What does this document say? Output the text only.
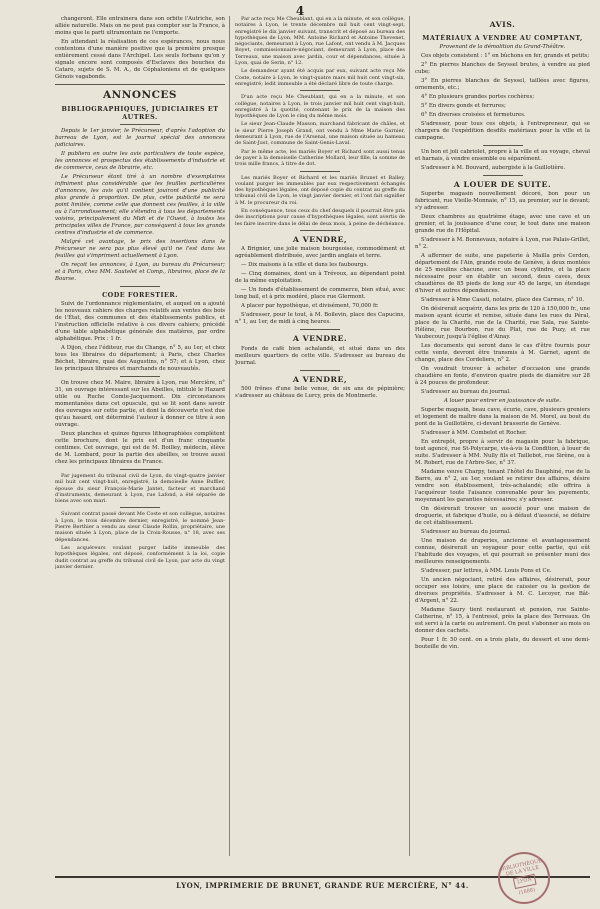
4

changeront. Elle entraînera dans son orbite l'Autriche, son alliée naturelle. Mais on ne peut pas compter sur la France, à moins que le parti ultramontain ne l'emporte.

En attendant la réalisation de ces espérances, nous nous contentons d'une manière positive que la première presque entièrement cessé dans l'Archipel. Les seuls forbans qu'on y signale encore sont composés d'Esclaves des bouches du Cataro, sujets de S. M. A., de Céphaloniens et de quelques Génois vagabonds.

ANNONCES
BIBLIOGRAPHIQUES, JUDICIAIRES ET AUTRES.

Depuis le 1er janvier, le Précurseur, d'après l'adoption du barreau de Lyon, est le journal spécial des annonces judiciaires.

Il publiera en outre les avis particuliers de toute espèce, les annonces et prospectus des établissements d'industrie et de commerce, ceux de librairie, etc.

Le Précurseur étant tiré à un nombre d'exemplaires infiniment plus considérable que les feuilles particulières d'annonces, les avis qu'il contient jouiront d'une publicité plus grande à proportion. De plus, cette publicité ne sera point limitée, comme celle que donnent ces feuilles, à la ville ou à l'arrondissement; elle s'étendra à tous les départements voisins, principalement du Midi et de l'Ouest, à toutes les principales villes de France, par conséquent à tous les grands centres d'industrie et de commerce.

Malgré cet avantage, le prix des insertions dans le Précurseur ne sera pas plus élevé qu'il ne l'est dans les feuilles qui s'impriment actuellement à Lyon.

On reçoit les annonces, à Lyon, au bureau du Précurseur; et à Paris, chez MM. Sautelet et Comp., libraires, place de la Bourse.

CODE FORESTIER.

Suivi de l'ordonnance réglementaire, et auquel on a ajouté les nouveaux cahiers des charges relatifs aux ventes des bois de l'État, des communes et des établissements publics, et l'instruction officielle relative à ces divers cahiers; précédé d'une table alphabétique générale des matières, par ordre alphabétique. Prix : 1 fr.

A Dijon, chez l'éditeur, rue du Change, n° 5, au 1er, et chez tous les libraires du département; à Paris, chez Charles Béchet, libraire, quai des Augustins, n° 57; et à Lyon, chez les principaux libraires et marchands de nouveautés.

On trouve chez M. Maire, libraire à Lyon, rue Mercière, n° 31, un ouvrage intéressant sur les Abeilles, intitulé le Hazard utile ou Ruche Comte-Jacquemont. Dix circonstances momentanées dans cet opuscule, qui se lit sont dans savoir des ouvrages sur cette partie, et dont la découverte n'est due qu'au hasard, ont déterminé l'auteur à donner ce titre à son ouvrage.

Deux planches et quinze figures lithographiées complètent cette brochure, dont le prix est d'un franc cinquante centimes. Cet ouvrage, qui est de M. Boilley, médecin, élève de M. Lombard, pour la partie des abeilles, se trouve aussi chez les principaux libraires de France.

Par jugement du tribunal civil de Lyon, du vingt-quatre janvier mil huit cent vingt-huit, enregistré, la demoiselle Anne Buffier, épouse du sieur François-Marie Jantet, facteur et marchand d'instruments, demeurant à Lyon, rue Lafond, a été séparée de biens avec son mari.

Suivant contrat passé devant Me Coste et son collègue, notaires à Lyon, le trois décembre dernier, enregistré, le nommé Jean-Pierre Berthier a vendu au sieur Claude Rollin, propriétaire, une maison située à Lyon, place de la Croix-Rousse, n° 18, avec ses dépendances.

Les acquéreurs voulant purger ladite immeuble des hypothèques légales, ont déposé, conformément à la loi, copie dudit contrat au greffe du tribunal civil de Lyon, par acte du vingt janvier dernier.

Par acte reçu Me Cheublant, qui en a la minute, et son collègue, notaires à Lyon, le trente décembre mil huit cent vingt-sept, enregistré le dix janvier suivant, transcrit et déposé au bureau des hypothèques de Lyon, MM. Antoine Richard et Antoine Thevenet, négociants, demeurant à Lyon, rue Lafont, ont vendu à M. Jacques Boyet, commissionnaire-négociant, demeurant à Lyon, place des Terreaux, une maison avec jardin, cour et dépendances, située à Lyon, quai de Serin, n° 12.

Le demandeur ayant été acquis par eux, suivant acte reçu Me Coste, notaire à Lyon, le vingt-quatre mars mil huit cent vingt-six, enregistré; ledit immeuble a été déclaré libre de toute charge.

D'un acte reçu Me Cheublant, qui en a la minute, et son collègue, notaires à Lyon, le trois janvier mil huit cent vingt-huit, enregistré à la quotité, contenant le prix de la maison des hypothèques de Lyon le cinq du même mois.

Le sieur Jean-Claude Masson, marchand fabricant de châles, et le sieur Pierre Joseph Grand, ont vendu à Mme Marie Garnier, demeurant à Lyon, rue de l'Arsenal, une maison située au hameau de Saint-Just, commune de Saint-Genis-Laval.

Par le même acte, les mariés Boyer et Richard sont aussi tenus de payer à la demoiselle Catherine Mollard, leur fille, la somme de trois mille francs, à titre de dot.

Les mariés Boyer et Richard et les mariés Brunet et Balley, voulant purger les immeubles par eux respectivement échangés des hypothèques légales, ont déposé copie du contrat au greffe du tribunal civil de Lyon, le vingt janvier dernier, et l'ont fait signifier à M. le procureur du roi.

En conséquence, tous ceux du chef desquels il pourrait être pris des inscriptions pour cause d'hypothèques légales, sont avertis de les faire inscrire dans le délai de deux mois, à peine de déchéance.

A VENDRE,

A Brignier, une jolie maison bourgeoise, commodément et agréablement distribuée, avec jardin anglais et terre.

— Dix maisons à la ville et dans les faubourgs.

— Cinq domaines, dont un à Trévoux, au dépendant point de la même exploitation.

— Un fonds d'établissement de commerce, bien situé, avec long bail, et à prix modéré, place rue Glermont.

A placer par hypothèque, et divisément, 70,000 fr.

S'adresser, pour le tout, à M. Boilevin, place des Capucins, n° 1, au 1er, de midi à cinq heures.

A VENDRE.

Fonds de café bien achalandé, et situé dans un des meilleurs quartiers de cette ville. S'adresser au bureau du Journal.

A VENDRE,

500 frênes d'une belle venue, de six ans de pépinière; s'adresser au château de Lurcy, près de Montmerle.

AVIS.
MATÉRIAUX A VENDRE AU COMPTANT,

Provenant de la démolition du Grand-Théâtre.

Ces objets consistent : 1° en bûchons en fer, grands et petits;

2° En pierres blanches de Seyssel brutes, à vendre au pied cube;

3° En pierres blanches de Seyssel, taillées avec figures, ornements, etc.;

4° En plusieurs grandes portes cochères;

5° En divers gonds et ferrures;

6° En diverses croisées et fermetures.

S'adresser, pour tous ces objets, à l'entrepreneur, qui se chargera de l'expédition desdits matériaux pour la ville et la campagne.

Un bon et joli cabriolet, propre à la ville et au voyage, cheval et harnais, à vendre ensemble ou séparément.

S'adresser à M. Bouvard, aubergiste à la Guillotière.

A LOUER DE SUITE.

Superbe magasin nouvellement décoré, bon pour un fabricant, rue Vieille-Monnaie, n° 15, au premier, sur le devant; s'y adresser.

Deux chambres au quatrième étage, avec une cave et un grenier, et la jouissance d'une cour, le tout dans une maison grande rue de l'Hôpital.

S'adresser à M. Bonnevaux, notaire à Lyon, rue Palais-Grillet, n° 2.

A affermer de suite, une papeterie à Mailla près Cerdon, département de l'Ain, grande route de Genève, à deux montées de 25 moulins chacune, avec un beau cylindre, et la place nécessaire pour en établir un second, deux caves, deux chaudières de 85 pieds de long sur 45 de large, un étendage d'hiver et autres dépendances.

S'adresser à Mme Casati, notaire, place des Carmes, n° 10.

On désirerait acquérir, dans les prix de 120 à 150,000 fr., une maison ayant écurie et remise, située dans les rues du Péral, place de la Charité, rue de la Charité, rue Sala, rue Sainte-Hélène, rue Bourbon, rue du Plat, rue de Puzy, et rue Vaubecour, jusqu'à l'église d'Ainay.

Les documents qui seront dans le cas d'être fournis pour cette vente, devront être transmis à M. Garnet, agent de change, place des Cordeliers, n° 2.

On voudrait trouver à acheter d'occasion une grande chaudière en fonte, d'environ quatre pieds de diamètre sur 28 à 24 pouces de profondeur.

S'adresser au bureau du journal.

A louer pour entrer en jouissance de suite.

Superbe magasin, beau cave, écurie, cave, plusieurs greniers et logement de maître dans la maison de M. Morel, au bout du pont de la Guillotière, ci-devant brasserie de Genève.

S'adresser à MM. Combelot et Rocher.

En entrepôt, propre à servir de magasin pour la fabrique, tout agencé, rue St-Polycarpe, vis-à-vis la Condition, à louer de suite. S'adresser à MM. Nully fils et Taillebot, rue Sirène, ou à M. Robert, rue de l'Arbre-Sec, n° 37.

Madame veuve Charpy, tenant l'hôtel du Dauphiné, rue de la Barre, au n° 2, au 1er, voulant se retirer des affaires, désire vendre son établissement, très-achalandé; elle offrira à l'acquéreur toute l'aisance convenable pour les payements, moyennant les garanties nécessaires; s'y adresser.

On désirerait trouver un associé pour une maison de droguerie, et fabrique d'huile, ou à défaut d'associé, se défaire de cet établissement.

S'adresser au bureau du journal.

Une maison de draperies, ancienne et avantageusement connue, désirerait un voyageur pour cette partie, qui eût l'habitude des voyages, et qui pourrait se présenter muni des meilleures renseignements.

S'adresser, par lettres, à MM. Louis Pons et Ce.

Un ancien négociant, retiré des affaires, désirerait, pour occuper ses loisirs, une place de caissier ou la gestion de diverses propriétés. S'adresser à M. C. Lecoyer, rue Bât-d'Argent, n° 22.

Madame Saury tient restaurant et pension, rue Sainte-Catherine, n° 15, à l'entresol, près la place des Terreaux. On est servi à la carte ou autrement. On peut s'abonner au mois ou donner des cachets.

Pour 1 fr. 50 cent. on a trois plats, du dessert et une demi-bouteille de vin.

LYON, IMPRIMERIE DE BRUNET, GRANDE RUE MERCIÈRE, N° 44.
BIBLIOTHÈQUE DE LA VILLE
LYON
(1888)
